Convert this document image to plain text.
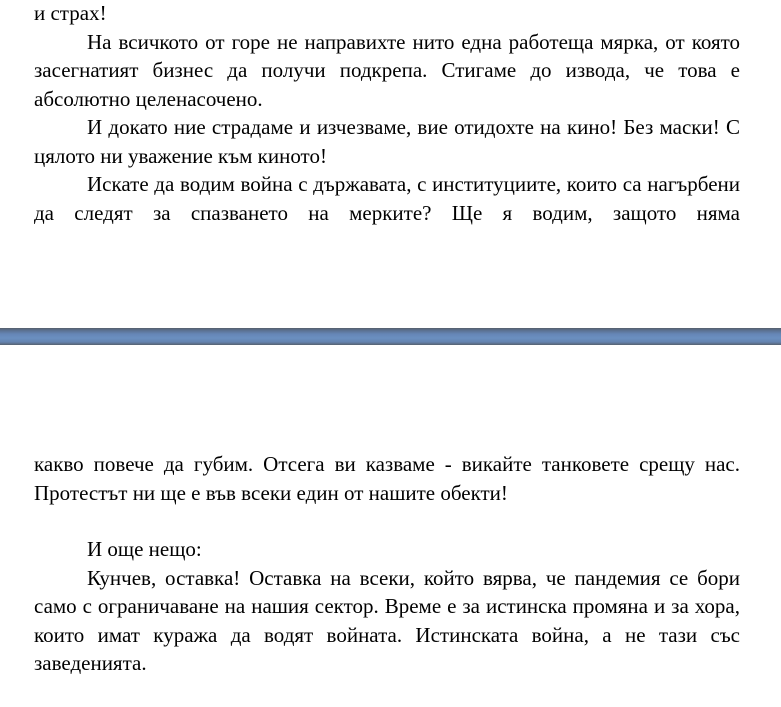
и страх!

На всичкото от горе не направихте нито една работеща мярка, от която засегнатият бизнес да получи подкрепа. Стигаме до извода, че това е абсолютно целенасочено.

И докато ние страдаме и изчезваме, вие отидохте на кино! Без маски! С цялото ни уважение към киното!

Искате да водим война с държавата, с институциите, които са нагърбени да следят за спазването на мерките? Ще я водим, защото няма

какво повече да губим. Отсега ви казваме - викайте танковете срещу нас. Протестът ни ще е във всеки един от нашите обекти!

И още нещо:

Кунчев, оставка! Оставка на всеки, който вярва, че пандемия се бори само с ограничаване на нашия сектор. Време е за истинска промяна и за хора, които имат куража да водят войната. Истинската война, а не тази със заведенията.
